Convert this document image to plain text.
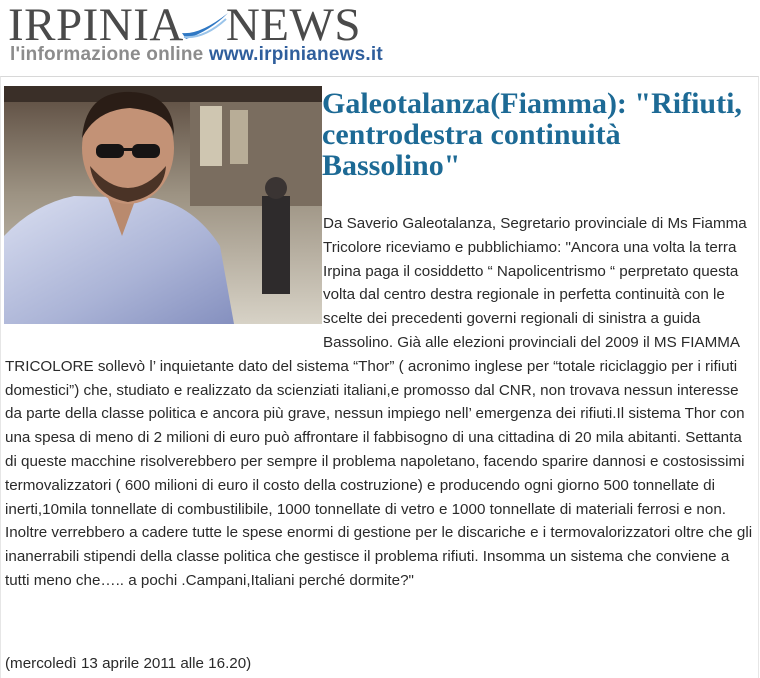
IRPINIA NEWS
l'informazione online www.irpinianews.it
Galeotalanza(Fiamma): "Rifiuti, centrodestra continuità Bassolino"

Da Saverio Galeotalanza, Segretario provinciale di Ms Fiamma Tricolore riceviamo e pubblichiamo: "Ancora una volta la terra Irpina paga il cosiddetto “ Napolicentrismo “ perpretato questa volta dal centro destra regionale in perfetta continuità con le scelte dei precedenti governi regionali di sinistra a guida Bassolino. Già alle elezioni provinciali del 2009 il MS FIAMMA TRICOLORE sollevò l’ inquietante dato del sistema “Thor” ( acronimo inglese per “totale riciclaggio per i rifiuti domestici”) che, studiato e realizzato da scienziati italiani,e promosso dal CNR, non trovava nessun interesse da parte della classe politica e ancora più grave, nessun impiego nell’ emergenza dei rifiuti.Il sistema Thor con una spesa di meno di 2 milioni di euro può affrontare il fabbisogno di una cittadina di 20 mila abitanti. Settanta di queste macchine risolverebbero per sempre il problema napoletano, facendo sparire dannosi e costosissimi termovalizzatori ( 600 milioni di euro il costo della costruzione) e producendo ogni giorno 500 tonnellate di inerti,10mila tonnellate di combustilibile, 1000 tonnellate di vetro e 1000 tonnellate di materiali ferrosi e non. Inoltre verrebbero a cadere tutte le spese enormi di gestione per le discariche e i termovalorizzatori oltre che gli inanerrabili stipendi della classe politica che gestisce il problema rifiuti. Insomma un sistema che conviene a tutti meno che….. a pochi .Campani,Italiani perché dormite?"

(mercoledì 13 aprile 2011 alle 16.20)
